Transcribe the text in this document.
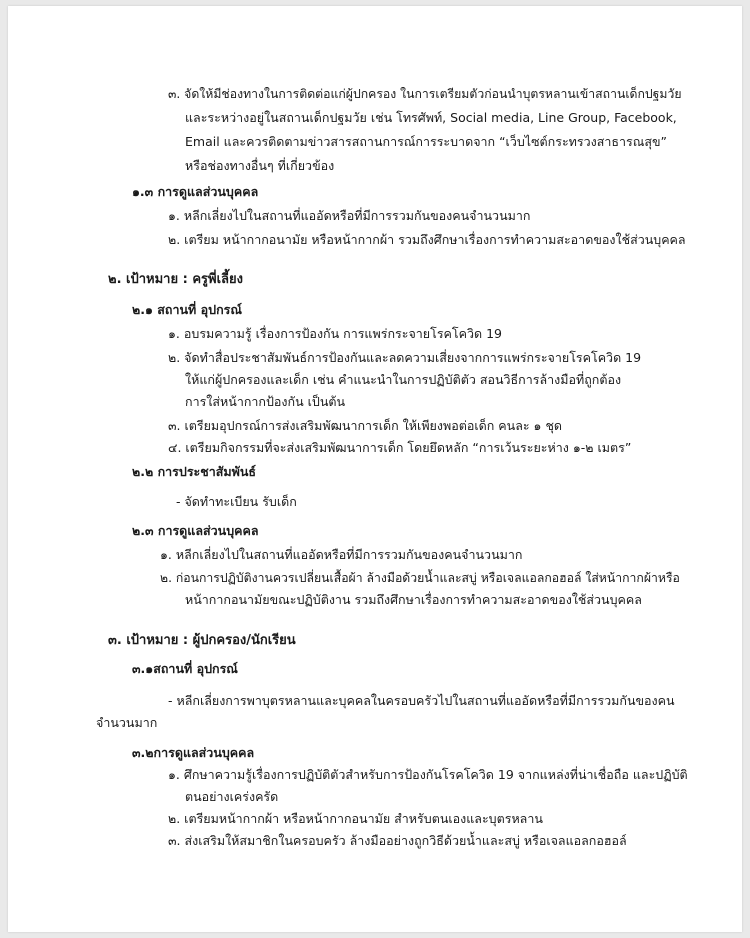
๓. จัดให้มีช่องทางในการติดต่อแก่ผู้ปกครอง ในการเตรียมตัวก่อนนำบุตรหลานเข้าสถานเด็กปฐมวัย
และระหว่างอยู่ในสถานเด็กปฐมวัย เช่น โทรศัพท์, Social media, Line Group, Facebook,
Email และควรติดตามข่าวสารสถานการณ์การระบาดจาก “เว็บไซต์กระทรวงสาธารณสุข”
หรือช่องทางอื่นๆ ที่เกี่ยวข้อง
๑.๓ การดูแลส่วนบุคคล
๑. หลีกเลี่ยงไปในสถานที่แออัดหรือที่มีการรวมกันของคนจำนวนมาก
๒. เตรียม หน้ากากอนามัย หรือหน้ากากผ้า รวมถึงศึกษาเรื่องการทำความสะอาดของใช้ส่วนบุคคล
๒. เป้าหมาย : ครูพี่เลี้ยง
๒.๑ สถานที่ อุปกรณ์
๑. อบรมความรู้ เรื่องการป้องกัน การแพร่กระจายโรคโควิด 19
๒. จัดทำสื่อประชาสัมพันธ์การป้องกันและลดความเสี่ยงจากการแพร่กระจายโรคโควิด 19
ให้แก่ผู้ปกครองและเด็ก เช่น คำแนะนำในการปฏิบัติตัว สอนวิธีการล้างมือที่ถูกต้อง
การใส่หน้ากากป้องกัน เป็นต้น
๓. เตรียมอุปกรณ์การส่งเสริมพัฒนาการเด็ก ให้เพียงพอต่อเด็ก คนละ ๑ ชุด
๔. เตรียมกิจกรรมที่จะส่งเสริมพัฒนาการเด็ก โดยยึดหลัก “การเว้นระยะห่าง ๑-๒ เมตร”
๒.๒ การประชาสัมพันธ์
- จัดทำทะเบียน รับเด็ก
๒.๓ การดูแลส่วนบุคคล
๑. หลีกเลี่ยงไปในสถานที่แออัดหรือที่มีการรวมกันของคนจำนวนมาก
๒. ก่อนการปฏิบัติงานควรเปลี่ยนเสื้อผ้า ล้างมือด้วยน้ำและสบู่ หรือเจลแอลกอฮอล์ ใส่หน้ากากผ้าหรือ
หน้ากากอนามัยขณะปฏิบัติงาน รวมถึงศึกษาเรื่องการทำความสะอาดของใช้ส่วนบุคคล
๓. เป้าหมาย : ผู้ปกครอง/นักเรียน
๓.๑สถานที่ อุปกรณ์
- หลีกเลี่ยงการพาบุตรหลานและบุคคลในครอบครัวไปในสถานที่แออัดหรือที่มีการรวมกันของคน
จำนวนมาก
๓.๒การดูแลส่วนบุคคล
๑. ศึกษาความรู้เรื่องการปฏิบัติตัวสำหรับการป้องกันโรคโควิด 19 จากแหล่งที่น่าเชื่อถือ และปฏิบัติ
ตนอย่างเคร่งครัด
๒. เตรียมหน้ากากผ้า หรือหน้ากากอนามัย สำหรับตนเองและบุตรหลาน
๓. ส่งเสริมให้สมาชิกในครอบครัว ล้างมืออย่างถูกวิธีด้วยน้ำและสบู่ หรือเจลแอลกอฮอล์
